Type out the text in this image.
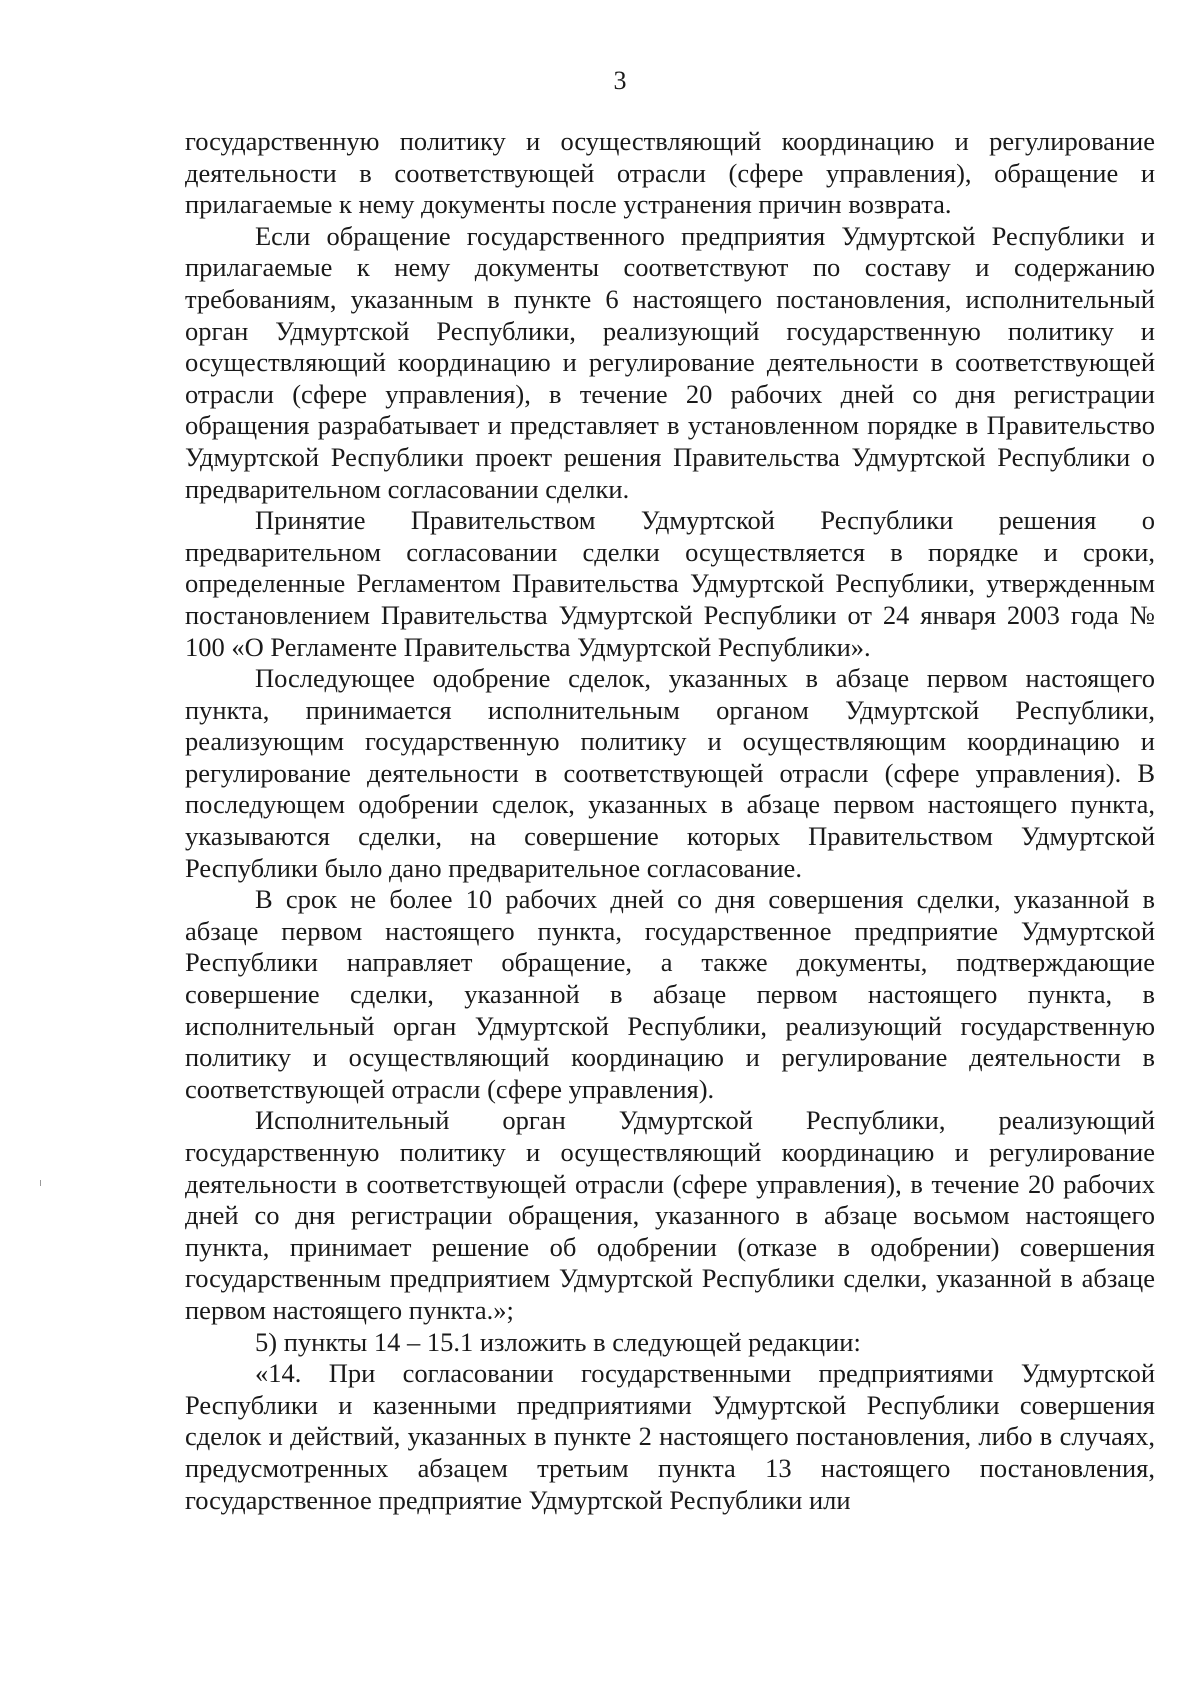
3

государственную политику и осуществляющий координацию и регулирование деятельности в соответствующей отрасли (сфере управления), обращение и прилагаемые к нему документы после устранения причин возврата.

Если обращение государственного предприятия Удмуртской Республики и прилагаемые к нему документы соответствуют по составу и содержанию требованиям, указанным в пункте 6 настоящего постановления, исполнительный орган Удмуртской Республики, реализующий государственную политику и осуществляющий координацию и регулирование деятельности в соответствующей отрасли (сфере управления), в течение 20 рабочих дней со дня регистрации обращения разрабатывает и представляет в установленном порядке в Правительство Удмуртской Республики проект решения Правительства Удмуртской Республики о предварительном согласовании сделки.

Принятие Правительством Удмуртской Республики решения о предварительном согласовании сделки осуществляется в порядке и сроки, определенные Регламентом Правительства Удмуртской Республики, утвержденным постановлением Правительства Удмуртской Республики от 24 января 2003 года № 100 «О Регламенте Правительства Удмуртской Республики».

Последующее одобрение сделок, указанных в абзаце первом настоящего пункта, принимается исполнительным органом Удмуртской Республики, реализующим государственную политику и осуществляющим координацию и регулирование деятельности в соответствующей отрасли (сфере управления). В последующем одобрении сделок, указанных в абзаце первом настоящего пункта, указываются сделки, на совершение которых Правительством Удмуртской Республики было дано предварительное согласование.

В срок не более 10 рабочих дней со дня совершения сделки, указанной в абзаце первом настоящего пункта, государственное предприятие Удмуртской Республики направляет обращение, а также документы, подтверждающие совершение сделки, указанной в абзаце первом настоящего пункта, в исполнительный орган Удмуртской Республики, реализующий государственную политику и осуществляющий координацию и регулирование деятельности в соответствующей отрасли (сфере управления).

Исполнительный орган Удмуртской Республики, реализующий государственную политику и осуществляющий координацию и регулирование деятельности в соответствующей отрасли (сфере управления), в течение 20 рабочих дней со дня регистрации обращения, указанного в абзаце восьмом настоящего пункта, принимает решение об одобрении (отказе в одобрении) совершения государственным предприятием Удмуртской Республики сделки, указанной в абзаце первом настоящего пункта.»;

5) пункты 14 – 15.1 изложить в следующей редакции:

«14. При согласовании государственными предприятиями Удмуртской Республики и казенными предприятиями Удмуртской Республики совершения сделок и действий, указанных в пункте 2 настоящего постановления, либо в случаях, предусмотренных абзацем третьим пункта 13 настоящего постановления, государственное предприятие Удмуртской Республики или
